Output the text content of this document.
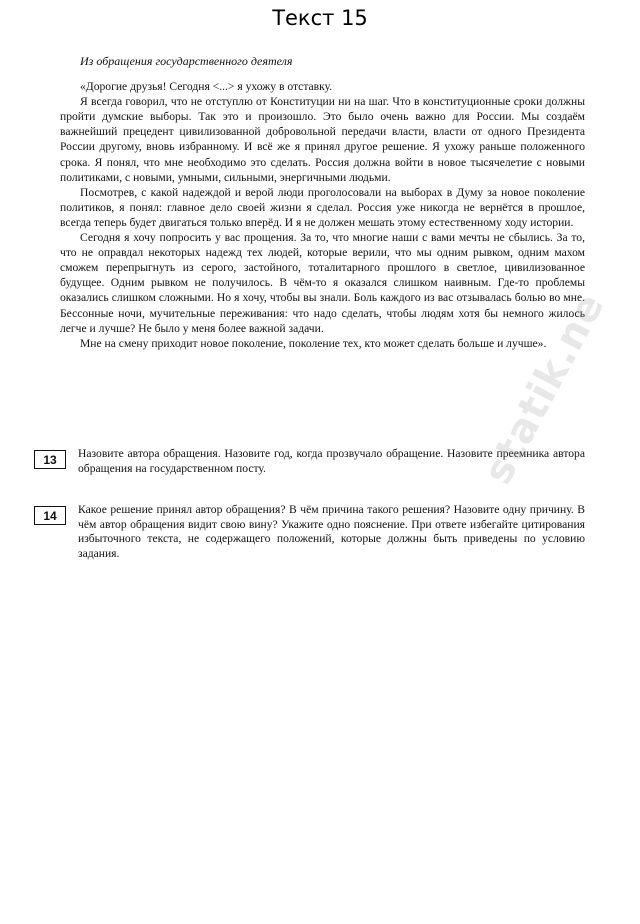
Текст 15
Из обращения государственного деятеля

«Дорогие друзья! Сегодня <...> я ухожу в отставку.

Я всегда говорил, что не отступлю от Конституции ни на шаг. Что в конституционные сроки должны пройти думские выборы. Так это и произошло. Это было очень важно для России. Мы создаём важнейший прецедент цивилизованной добровольной передачи власти, власти от одного Президента России другому, вновь избранному. И всё же я принял другое решение. Я ухожу раньше положенного срока. Я понял, что мне необходимо это сделать. Россия должна войти в новое тысячелетие с новыми политиками, с новыми, умными, сильными, энергичными людьми.

Посмотрев, с какой надеждой и верой люди проголосовали на выборах в Думу за новое поколение политиков, я понял: главное дело своей жизни я сделал. Россия уже никогда не вернётся в прошлое, всегда теперь будет двигаться только вперёд. И я не должен мешать этому естественному ходу истории.

Сегодня я хочу попросить у вас прощения. За то, что многие наши с вами мечты не сбылись. За то, что не оправдал некоторых надежд тех людей, которые верили, что мы одним рывком, одним махом сможем перепрыгнуть из серого, застойного, тоталитарного прошлого в светлое, цивилизованное будущее. Одним рывком не получилось. В чём-то я оказался слишком наивным. Где-то проблемы оказались слишком сложными. Но я хочу, чтобы вы знали. Боль каждого из вас отзывалась болью во мне. Бессонные ночи, мучительные переживания: что надо сделать, чтобы людям хотя бы немного жилось легче и лучше? Не было у меня более важной задачи.

Мне на смену приходит новое поколение, поколение тех, кто может сделать больше и лучше».

13	Назовите автора обращения. Назовите год, когда прозвучало обращение. Назовите преемника автора обращения на государственном посту.
14	Какое решение принял автор обращения? В чём причина такого решения? Назовите одну причину. В чём автор обращения видит свою вину? Укажите одно пояснение. При ответе избегайте цитирования избыточного текста, не содержащего положений, которые должны быть приведены по условию задания.
statik.ne
